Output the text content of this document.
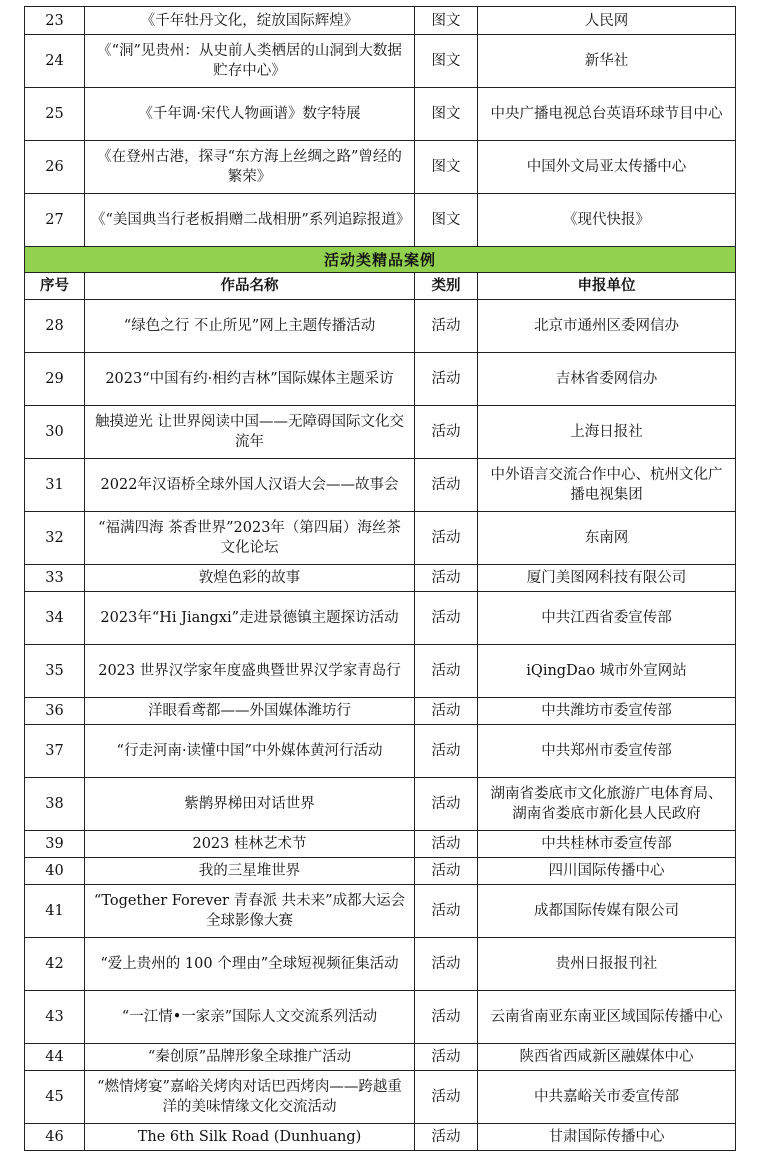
23	《千年牡丹文化，绽放国际辉煌》	图文	人民网
24	《“洞”见贵州：从史前人类栖居的山洞到大数据贮存中心》	图文	新华社
25	《千年调·宋代人物画谱》数字特展	图文	中央广播电视总台英语环球节目中心
26	《在登州古港，探寻“东方海上丝绸之路”曾经的繁荣》	图文	中国外文局亚太传播中心
27	《“美国典当行老板捐赠二战相册”系列追踪报道》	图文	《现代快报》
活动类精品案例			
序号	作品名称	类别	申报单位
28	“绿色之行 不止所见”网上主题传播活动	活动	北京市通州区委网信办
29	2023“中国有约·相约吉林”国际媒体主题采访	活动	吉林省委网信办
30	触摸逆光 让世界阅读中国——无障碍国际文化交流年	活动	上海日报社
31	2022年汉语桥全球外国人汉语大会——故事会	活动	中外语言交流合作中心、杭州文化广播电视集团
32	“福满四海 茶香世界”2023年（第四届）海丝茶文化论坛	活动	东南网
33	敦煌色彩的故事	活动	厦门美图网科技有限公司
34	2023年“Hi Jiangxi”走进景德镇主题探访活动	活动	中共江西省委宣传部
35	2023 世界汉学家年度盛典暨世界汉学家青岛行	活动	iQingDao 城市外宣网站
36	洋眼看鸢都——外国媒体潍坊行	活动	中共潍坊市委宣传部
37	“行走河南·读懂中国”中外媒体黄河行活动	活动	中共郑州市委宣传部
38	紫鹊界梯田对话世界	活动	湖南省娄底市文化旅游广电体育局、湖南省娄底市新化县人民政府
39	2023 桂林艺术节	活动	中共桂林市委宣传部
40	我的三星堆世界	活动	四川国际传播中心
41	“Together Forever 青春派 共未来”成都大运会全球影像大赛	活动	成都国际传媒有限公司
42	“爱上贵州的 100 个理由”全球短视频征集活动	活动	贵州日报报刊社
43	“一江情•一家亲”国际人文交流系列活动	活动	云南省南亚东南亚区域国际传播中心
44	“秦创原”品牌形象全球推广活动	活动	陕西省西咸新区融媒体中心
45	“燃情烤宴”嘉峪关烤肉对话巴西烤肉——跨越重洋的美味情缘文化交流活动	活动	中共嘉峪关市委宣传部
46	The 6th Silk Road (Dunhuang)	活动	甘肃国际传播中心
